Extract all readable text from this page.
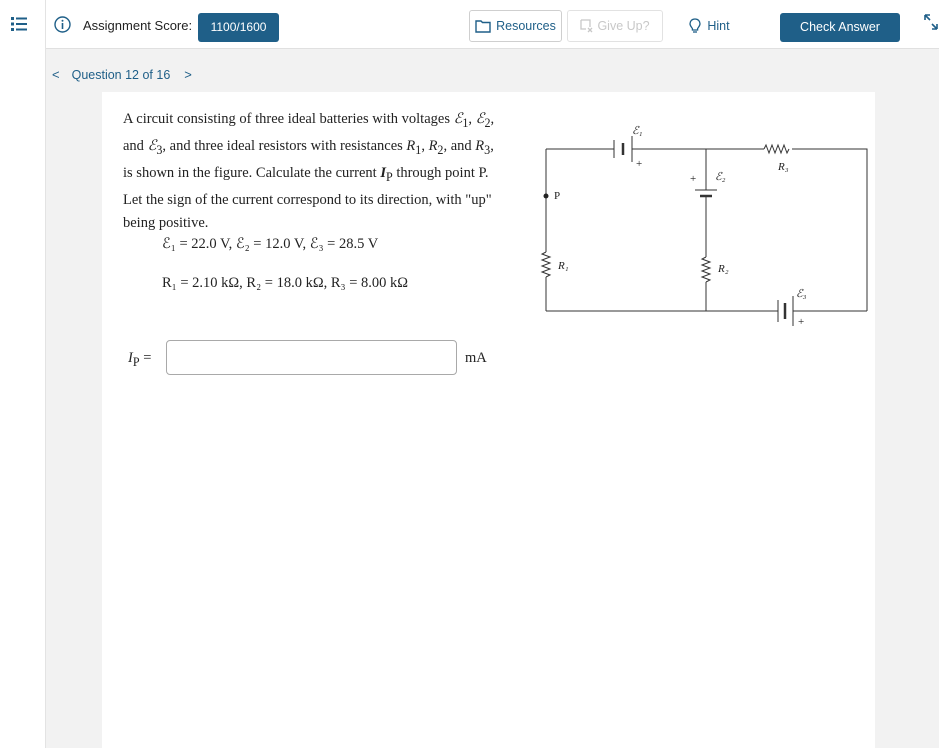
Assignment Score:	1100/1600	Resources	Give Up?	Hint	Check Answer
< Question 12 of 16 >
A circuit consisting of three ideal batteries with voltages ℰ$_1$, ℰ$_2$, and ℰ$_3$, and three ideal resistors with resistances $R_1$, $R_2$, and $R_3$, is shown in the figure. Calculate the current $I_P$ through point P. Let the sign of the current correspond to its direction, with "up" being positive.
ℰ₁ = 22.0 V, ℰ₂ = 12.0 V, ℰ₃ = 28.5 V
R₁ = 2.10 kΩ, R₂ = 18.0 kΩ, R₃ = 8.00 kΩ
$I_P$ =	mA
ℰ₁
+
+ ℰ₂
R₃
P
R₁	R₂
ℰ₃
+
